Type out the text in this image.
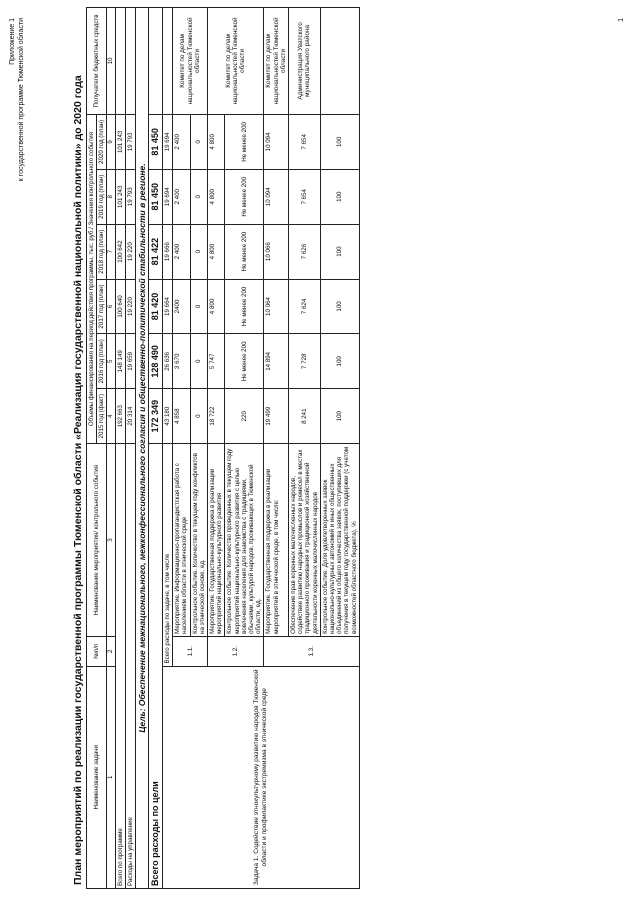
Приложение 1 к государственной программе Тюменской области	План мероприятий по реализации государственной программы Тюменской области «Реализация государственной национальной политики» до 2020 года Наименование задачи	№п/п	Наименование мероприятия/ контрольного события	Объемы финансирования на период действия программы, тыс. руб./ Значения контрольного события						Получатели бюджетных средств
			2015 год (факт)	2016 год (план)	2017 год (план)	2018 год (план)	2019 год (план)	2020 год (план)	
1	2	3	4	5	6	7	8	9	10
Всего по программе			192 663	148 149	100 640	100 642	101 243	101 243	
Расходы на управление			20 314	19 659	19 220	19 220	19 793	19 793	
Цель: Обеспечение межнационального, межконфессионального согласия и общественно-политической стабильности в регионе.									
Всего расходы по цели			172 349	128 490	81 420	81 422	81 450	81 450	
Задача 1. Содействие этнокультурному развитию народов Тюменской области и профилактике экстремизма в этнической среде	Всего расходы по задаче, в том числе		43 180	26 636	19 664	19 666	19 694	19 694	
	1.1.	Мероприятие. Информационно-пропагандистская работа с населением области в этнической среде	4 858	3 670	2400	2 400	2 400	2 400	Комитет по делам национальностей Тюменской области
		Контрольное событие. Количество в текущем году конфликтов на этнической основе, ед.	0	0	0	0	0	0	
	1.2.	Мероприятие. Государственная поддержка в реализации мероприятий национально-культурного развития	18 722	5 747	4 800	4 800	4 800	4 800	Комитет по делам национальностей Тюменской области
		Контрольное событие. Количество проведенных в текущем году мероприятий национально-культурного развития с целью вовлечения населения для знакомства с традициями, обычаями, культурой народов, проживающих в Тюменской области, ед.	220	Не менее 200	Не менее 200	Не менее 200	Не менее 200	Не менее 200	
	1.3.	Мероприятие. Государственная поддержка в реализации мероприятий в этнической среде, в том числе:	19 499	14 894	10 064	10 066	10 094	10 094	Комитет по делам национальностей Тюменской области
		Обеспечение прав коренных малочисленных народов, содействие развитию народных промыслов и ремесел в местах традиционного проживания и традиционной хозяйственной деятельности коренных малочисленных народов	8 241	7 728	7 624	7 626	7 654	7 654	Администрация Уватского муниципального района
		Контрольное событие. Доля удовлетворенных заявок национально-культурных автономий и иных общественных объединений из общего количества заявок, поступивших для получения в текущем году государственной поддержки (с учетом возможностей областного бюджета), %	100	100	100	100	100	100	
1
